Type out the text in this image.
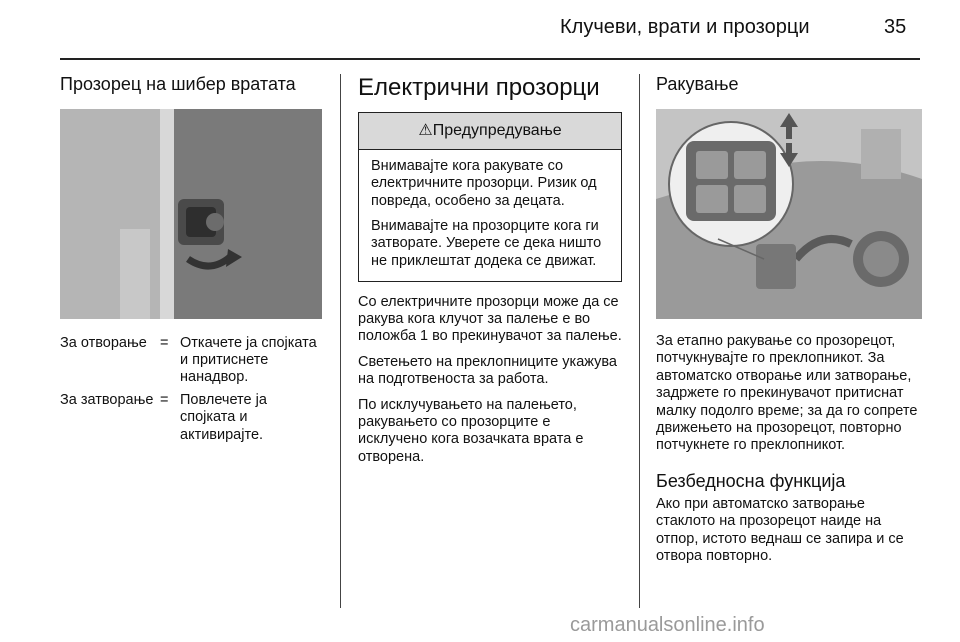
Клучеви, врати и прозорци	35
Прозорец на шибер вратата
За отворање = Откачете ја спојката и притиснете нанадвор.
За затворање = Повлечете ја спојката и активирајте.
Електрични прозорци
⚠Предупредување

Внимавајте кога ракувате со електричните прозорци. Ризик од повреда, особено за децата.

Внимавајте на прозорците кога ги затворате. Уверете се дека ништо не приклештат додека се движат.

Со електричните прозорци може да се ракува кога клучот за палење е во положба 1 во прекинувачот за палење.

Светењето на преклопниците укажува на подготвеноста за работа.

По исклучувањето на палењето, ракувањето со прозорците е исклучено кога возачката врата е отворена.

Ракување

За етапно ракување со прозорецот, потчукнувајте го преклопникот. За автоматско отворање или затворање, задржете го прекинувачот притиснат малку подолго време; за да го сопрете движењето на прозорецот, повторно потчукнете го преклопникот.

Безбедносна функција

Ако при автоматско затворање стаклото на прозорецот наиде на отпор, истото веднаш се запира и се отвора повторно.

carmanualsonline.info
